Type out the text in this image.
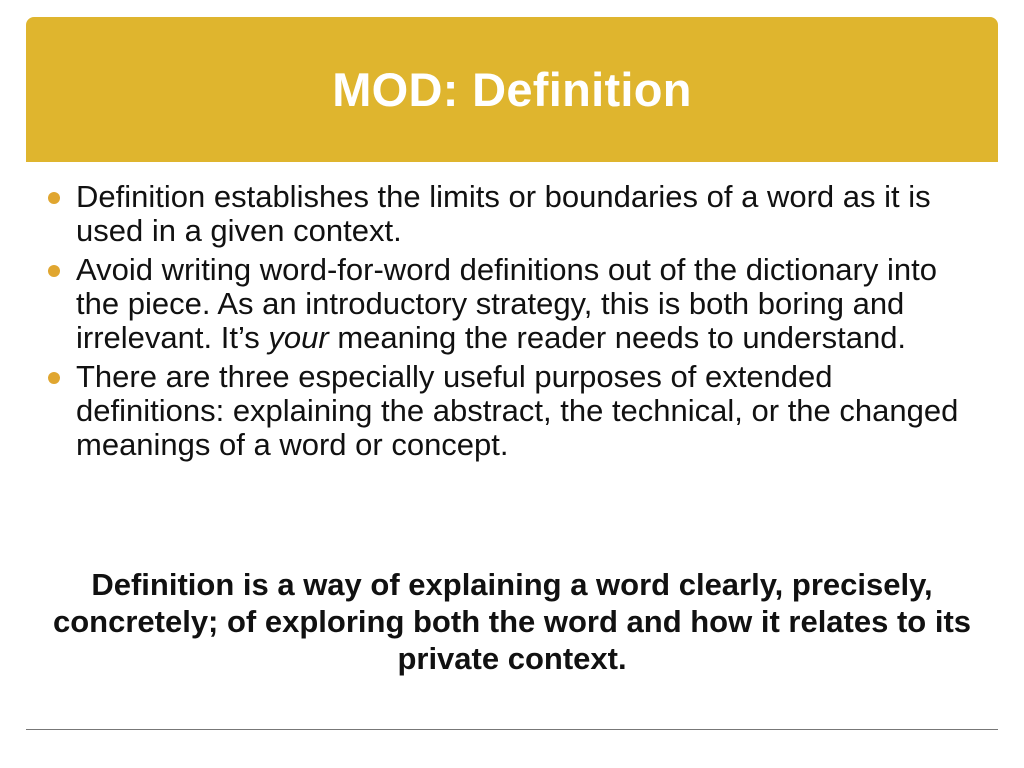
MOD: Definition
Definition establishes the limits or boundaries of a word as it is used in a given context.
Avoid writing word-for-word definitions out of the dictionary into the piece. As an introductory strategy, this is both boring and irrelevant. It’s your meaning the reader needs to understand.
There are three especially useful purposes of extended definitions: explaining the abstract, the technical, or the changed meanings of a word or concept.

Definition is a way of explaining a word clearly, precisely, concretely; of exploring both the word and how it relates to its private context.
